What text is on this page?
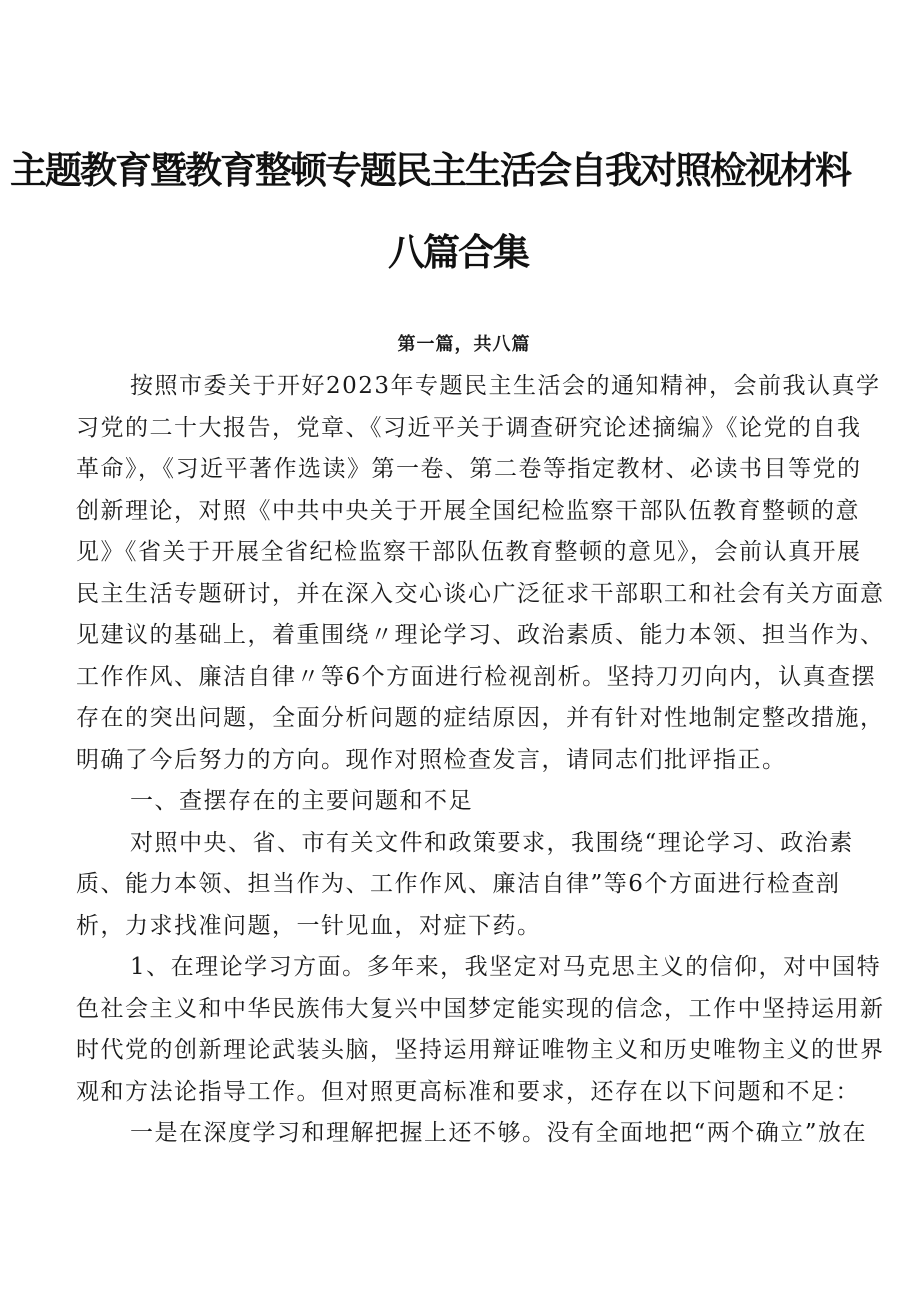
主题教育暨教育整顿专题民主生活会自我对照检视材料
八篇合集
第一篇，共八篇
按照市委关于开好2023年专题民主生活会的通知精神，会前我认真学
习党的二十大报告，党章、《习近平关于调查研究论述摘编》《论党的自我
革命》，《习近平著作选读》第一卷、第二卷等指定教材、必读书目等党的
创新理论，对照《中共中央关于开展全国纪检监察干部队伍教育整顿的意
见》《省关于开展全省纪检监察干部队伍教育整顿的意见》，会前认真开展
民主生活专题研讨，并在深入交心谈心广泛征求干部职工和社会有关方面意
见建议的基础上，着重围绕〃理论学习、政治素质、能力本领、担当作为、
工作作风、廉洁自律〃等6个方面进行检视剖析。坚持刀刃向内，认真查摆
存在的突出问题，全面分析问题的症结原因，并有针对性地制定整改措施，
明确了今后努力的方向。现作对照检查发言，请同志们批评指正。
一、查摆存在的主要问题和不足
对照中央、省、市有关文件和政策要求，我围绕“理论学习、政治素
质、能力本领、担当作为、工作作风、廉洁自律”等6个方面进行检查剖
析，力求找准问题，一针见血，对症下药。
1、在理论学习方面。多年来，我坚定对马克思主义的信仰，对中国特
色社会主义和中华民族伟大复兴中国梦定能实现的信念，工作中坚持运用新
时代党的创新理论武装头脑，坚持运用辩证唯物主义和历史唯物主义的世界
观和方法论指导工作。但对照更高标准和要求，还存在以下问题和不足：
一是在深度学习和理解把握上还不够。没有全面地把“两个确立”放在
